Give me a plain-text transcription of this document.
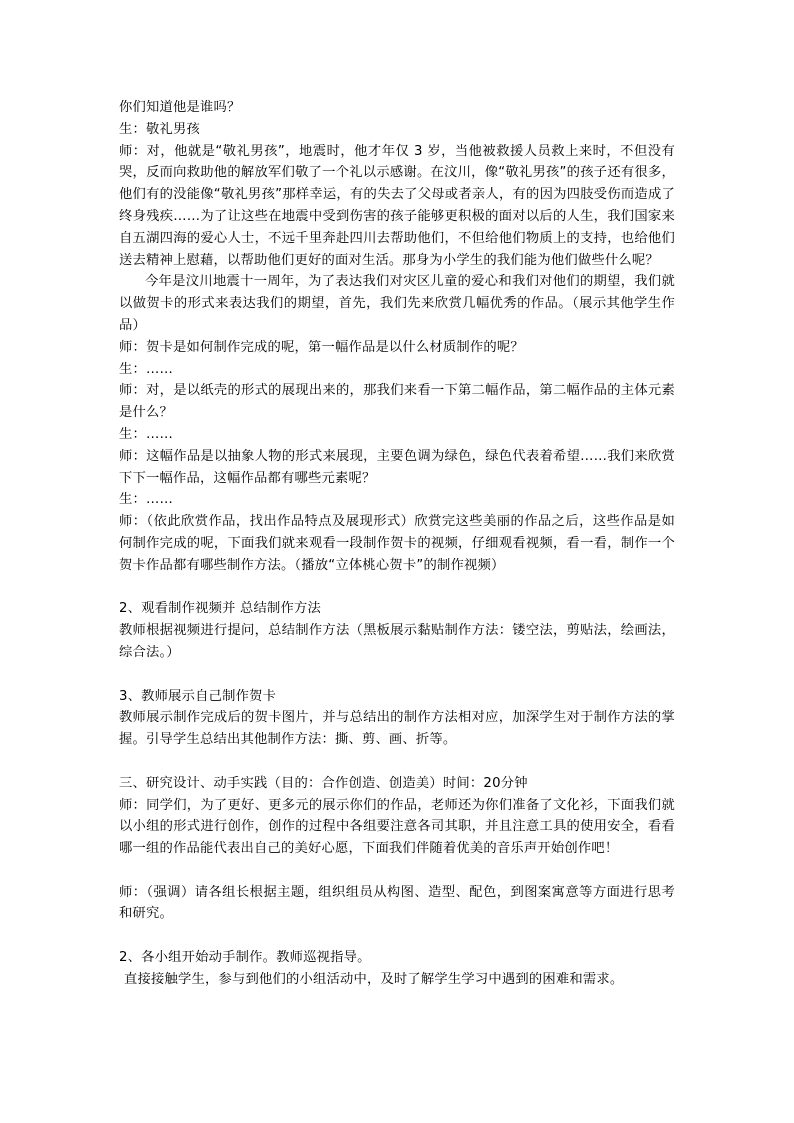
你们知道他是谁吗？

生：敬礼男孩

师：对，他就是“敬礼男孩”，地震时，他才年仅 3 岁，当他被救援人员救上来时，不但没有哭，反而向救助他的解放军们敬了一个礼以示感谢。在汶川，像“敬礼男孩”的孩子还有很多，他们有的没能像“敬礼男孩”那样幸运，有的失去了父母或者亲人，有的因为四肢受伤而造成了终身残疾……为了让这些在地震中受到伤害的孩子能够更积极的面对以后的人生，我们国家来自五湖四海的爱心人士，不远千里奔赴四川去帮助他们，不但给他们物质上的支持，也给他们送去精神上慰藉，以帮助他们更好的面对生活。那身为小学生的我们能为他们做些什么呢？

今年是汶川地震十一周年，为了表达我们对灾区儿童的爱心和我们对他们的期望，我们就以做贺卡的形式来表达我们的期望，首先，我们先来欣赏几幅优秀的作品。（展示其他学生作品）

师：贺卡是如何制作完成的呢，第一幅作品是以什么材质制作的呢？

生：……

师：对，是以纸壳的形式的展现出来的，那我们来看一下第二幅作品，第二幅作品的主体元素是什么？

生：……

师：这幅作品是以抽象人物的形式来展现，主要色调为绿色，绿色代表着希望……我们来欣赏下下一幅作品，这幅作品都有哪些元素呢？

生：……

师：（依此欣赏作品，找出作品特点及展现形式）欣赏完这些美丽的作品之后，这些作品是如何制作完成的呢，下面我们就来观看一段制作贺卡的视频，仔细观看视频，看一看，制作一个贺卡作品都有哪些制作方法。（播放“立体桃心贺卡”的制作视频）

2、观看制作视频并 总结制作方法

教师根据视频进行提问，总结制作方法（黑板展示黏贴制作方法：镂空法，剪贴法，绘画法，综合法。）

3、教师展示自己制作贺卡

教师展示制作完成后的贺卡图片，并与总结出的制作方法相对应，加深学生对于制作方法的掌握。引导学生总结出其他制作方法：撕、剪、画、折等。

三、研究设计、动手实践（目的：合作创造、创造美）时间：20分钟

师：同学们，为了更好、更多元的展示你们的作品，老师还为你们准备了文化衫，下面我们就以小组的形式进行创作，创作的过程中各组要注意各司其职，并且注意工具的使用安全，看看哪一组的作品能代表出自己的美好心愿，下面我们伴随着优美的音乐声开始创作吧！

师：（强调）请各组长根据主题，组织组员从构图、造型、配色，到图案寓意等方面进行思考和研究。

2、各小组开始动手制作。教师巡视指导。

直接接触学生，参与到他们的小组活动中，及时了解学生学习中遇到的困难和需求。
